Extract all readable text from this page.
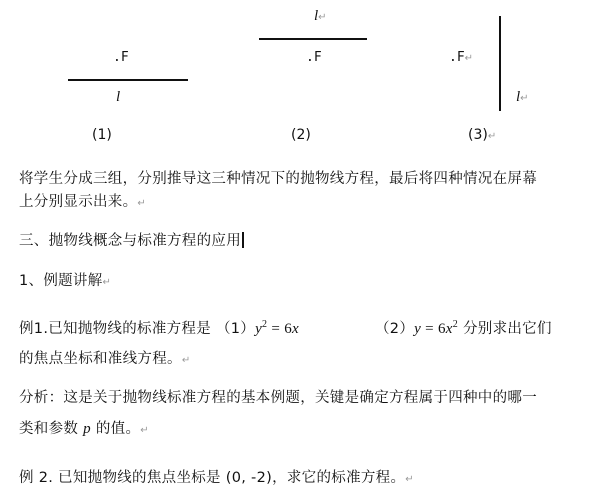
.F
l
(1)
l↵
.F
(2)
.F↵
l↵
(3)↵
将学生分成三组，分别推导这三种情况下的抛物线方程，最后将四种情况在屏幕
上分别显示出来。↵
三、抛物线概念与标准方程的应用
1、例题讲解↵
例1.已知抛物线的标准方程是 $(1)y^2 = 6x$	$(2)y = 6x^2$ 分别求出它们
的焦点坐标和准线方程。↵
分析：这是关于抛物线标准方程的基本例题，关键是确定方程属于四种中的哪一
类和参数 p 的值。↵
例 2. 已知抛物线的焦点坐标是 (0, -2)，求它的标准方程。↵
